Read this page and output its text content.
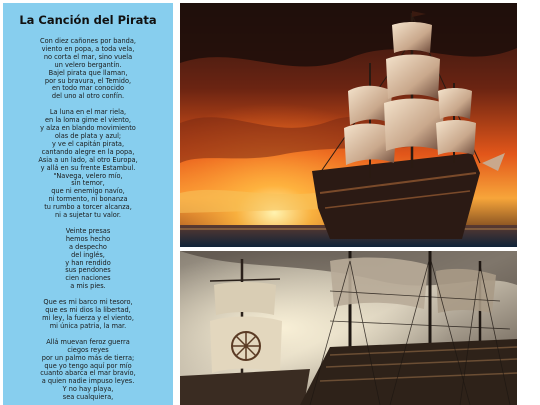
La Canción del Pirata
Con diez cañones por banda,
viento en popa, a toda vela,
no corta el mar, sino vuela
un velero bergantín.
Bajel pirata que llaman,
por su bravura, el Temido,
en todo mar conocido
del uno al otro confín.
La luna en el mar riela,
en la loma gime el viento,
y alza en blando movimiento
olas de plata y azul;
y ve el capitán pirata,
cantando alegre en la popa,
Asia a un lado, al otro Europa,
y allá en su frente Estambul.
"Navega, velero mío,
sin temor,
que ni enemigo navío,
ni tormento, ni bonanza
tu rumbo a torcer alcanza,
ni a sujetar tu valor.
Veinte presas
hemos hecho
a despecho
del inglés,
y han rendido
sus pendones
cien naciones
a mis pies.
Que es mi barco mi tesoro,
que es mi dios la libertad,
mi ley, la fuerza y el viento,
mi única patria, la mar.
Allá muevan feroz guerra
ciegos reyes
por un palmo más de tierra;
que yo tengo aquí por mío
cuanto abarca el mar bravío,
a quien nadie impuso leyes.
Y no hay playa,
sea cualquiera,
